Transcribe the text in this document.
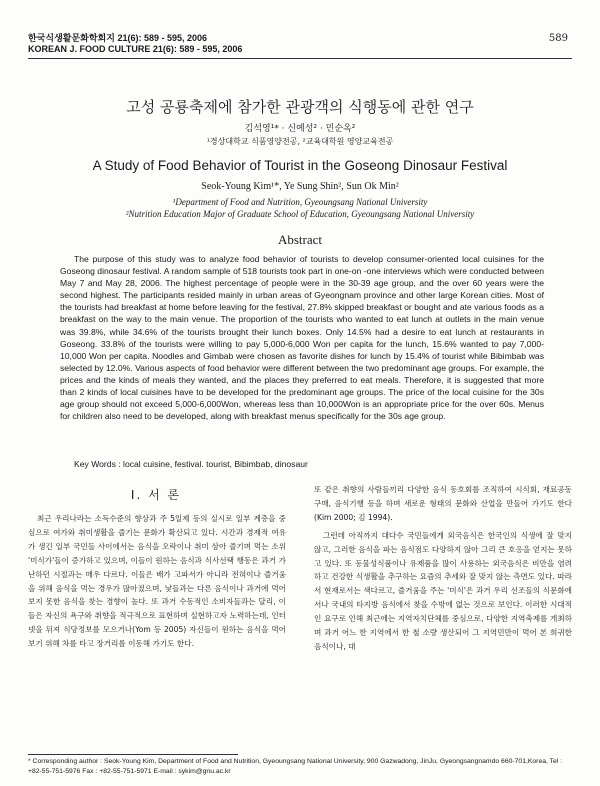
한국식생활문화학회지 21(6): 589 - 595, 2006
KOREAN J. FOOD CULTURE 21(6): 589 - 595, 2006
589
고성 공룡축제에 참가한 관광객의 식행동에 관한 연구
김석영¹* · 신예성² · 민순옥²
¹경상대학교 식품영양전공, ²교육대학원 영양교육전공
A Study of Food Behavior of Tourist in the Goseong Dinosaur Festival
Seok-Young Kim¹*, Ye Sung Shin², Sun Ok Min²
¹Department of Food and Nutrition, Gyeoungsang National University
²Nutrition Education Major of Graduate School of Education, Gyeoungsang National University
Abstract

The purpose of this study was to analyze food behavior of tourists to develop consumer-oriented local cuisines for the Goseong dinosaur festival. A random sample of 518 tourists took part in one-on -one interviews which were conducted between May 7 and May 28, 2006. The highest percentage of people were in the 30-39 age group, and the over 60 years were the second highest. The participants resided mainly in urban areas of Gyeongnam province and other large Korean cities. Most of the tourists had breakfast at home before leaving for the festival, 27.8% skipped breakfast or bought and ate various foods as a breakfast on the way to the main venue. The proportion of the tourists who wanted to eat lunch at outlets in the main venue was 39.8%, while 34.6% of the tourists brought their lunch boxes. Only 14.5% had a desire to eat lunch at restaurants in Goseong. 33.8% of the tourists were willing to pay 5,000-6,000 Won per capita for the lunch, 15.6% wanted to pay 7,000-10,000 Won per capita. Noodles and Gimbab were chosen as favorite dishes for lunch by 15.4% of tourist while Bibimbab was selected by 12.0%. Various aspects of food behavior were different between the two predominant age groups. For example, the prices and the kinds of meals they wanted, and the places they preferred to eat meals. Therefore, it is suggested that more than 2 kinds of local cuisines have to be developed for the predominant age groups. The price of the local cuisine for the 30s age group should not exceed 5,000-6,000Won, whereas less than 10,000Won is an appropriate price for the over 60s. Menus for children also need to be developed, along with breakfast menus specifically for the 30s age group.

Key Words : local cuisine, festival. tourist, Bibimbab, dinosaur
I. 서 론

최근 우리나라는 소득수준의 향상과 주 5일제 등의 실시로 일부 계층을 중심으로 여가와 취미생활을 즐기는 문화가 확산되고 있다. 시간과 경제적 여유가 생긴 일부 국민들 사이에서는 음식을 오락이나 취미 삼아 즐기며 먹는 소위 '미식가'들이 증가하고 있으며, 이들이 원하는 음식과 식사선택 행동은 과거 가난하던 시절과는 매우 다르다. 이들은 배가 고파서가 아니라 전혀이나 즐거움을 위해 음식을 먹는 경우가 많아졌으며, 낯들과는 다른 음식이나 과거에 먹어보지 못한 음식을 찾는 경향이 높다. 또 과거 수동적인 소비자들과는 달리, 이들은 자신의 욕구와 취향을 적극적으로 표현하며 실현하고자 노력하는데, 인터넷을 뒤져 식당정보를 모으거나(Yom 등 2005) 자신들이 원하는 음식을 먹어보기 위해 차를 타고 장거리를 이동해 가기도 한다.

또 같은 취향의 사람들끼리 다양한 음식 동호회를 조직하여 시식회, 재료공동구매, 음식기행 등을 하며 새로운 형태의 문화와 산업을 만들어 가기도 한다(Kim 2000; 김 1994).

그런데 아직까지 대다수 국민들에게 외국음식은 한국인의 식생에 잘 맞지 않고, 그러한 음식을 파는 음식점도 다양하지 않아 그리 큰 호응을 얻지는 못하고 있다. 또 동물성식품이나 유제품을 많이 사용하는 외국음식은 비만을 염려하고 건강한 식생활을 추구하는 요즘의 추세와 잘 맞지 않는 측면도 있다. 따라서 현재로서는 색다르고, 즐거움을 주는 '미식'은 과거 우리 선조들의 식문화에서나 국내의 타지방 음식에서 찾을 수밖에 없는 것으로 보인다. 이러한 시대적인 요구로 인해 최근에는 지역자치단체를 중심으로, 다양한 지역축제를 개최하며 과거 어느 한 지역에서 한 철 소량 생산되어 그 지역민만이 먹어 본 희귀한 음식이나, 대

* Corresponding author : Seok-Young Kim, Department of Food and Nutrition, Gyeoungsang National University, 900 Gazwadong, JinJu, Gyeongsangnamdo 660-701,Korea, Tel : +82-55-751-5976 Fax : +82-55-751-5971 E-mail : sykim@gnu.ac.kr
